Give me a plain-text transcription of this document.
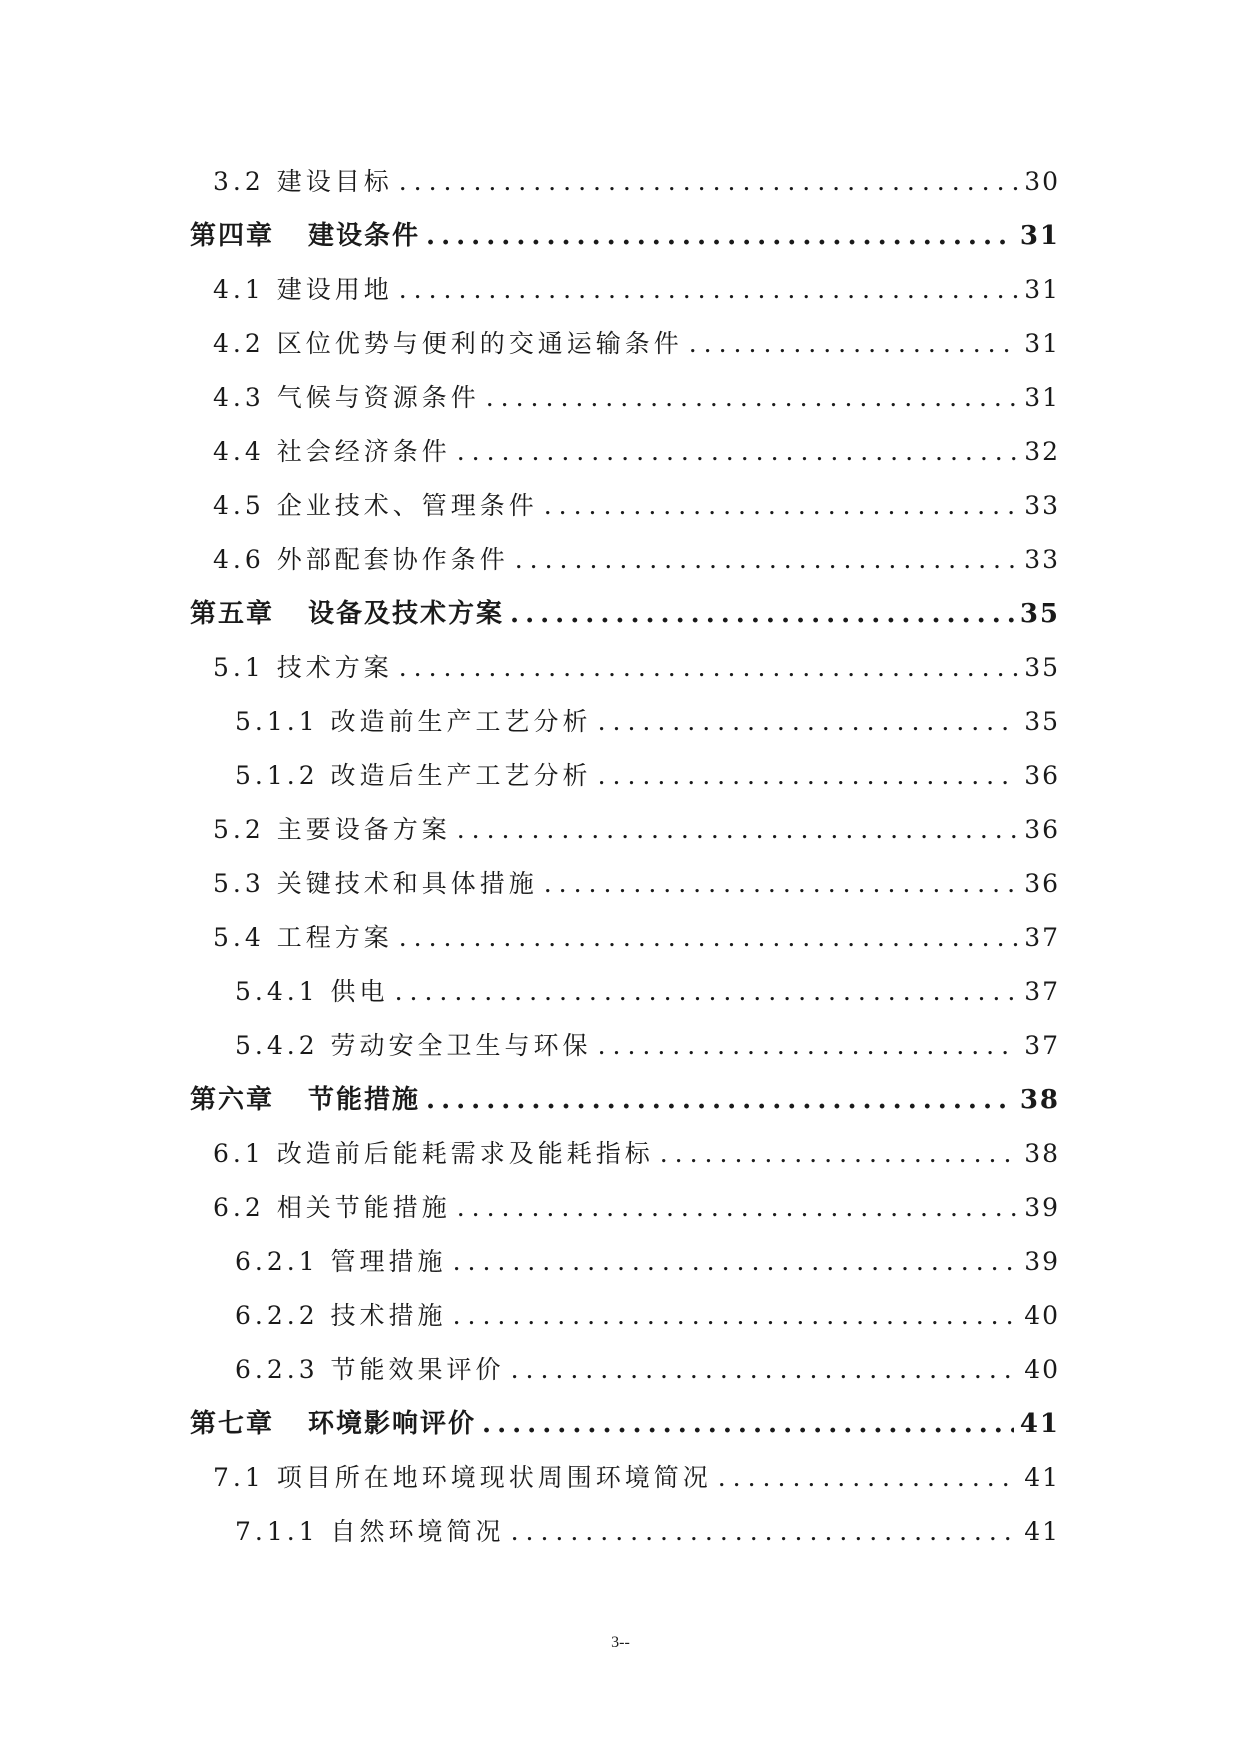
3.2 建设目标 .....	30
第四章 建设条件 .....	31
4.1 建设用地 .....	31
4.2 区位优势与便利的交通运输条件 .....	31
4.3 气候与资源条件 .....	31
4.4 社会经济条件 .....	32
4.5 企业技术、管理条件 .....	33
4.6 外部配套协作条件 .....	33
第五章 设备及技术方案 .....	35
5.1 技术方案 .....	35
5.1.1 改造前生产工艺分析 .....	35
5.1.2 改造后生产工艺分析 .....	36
5.2 主要设备方案 .....	36
5.3 关键技术和具体措施 .....	36
5.4 工程方案 .....	37
5.4.1 供电 .....	37
5.4.2 劳动安全卫生与环保 .....	37
第六章 节能措施 .....	38
6.1 改造前后能耗需求及能耗指标 .....	38
6.2 相关节能措施 .....	39
6.2.1 管理措施 .....	39
6.2.2 技术措施 .....	40
6.2.3 节能效果评价 .....	40
第七章 环境影响评价 .....	41
7.1 项目所在地环境现状周围环境简况 .....	41
7.1.1 自然环境简况 .....	41
3--
